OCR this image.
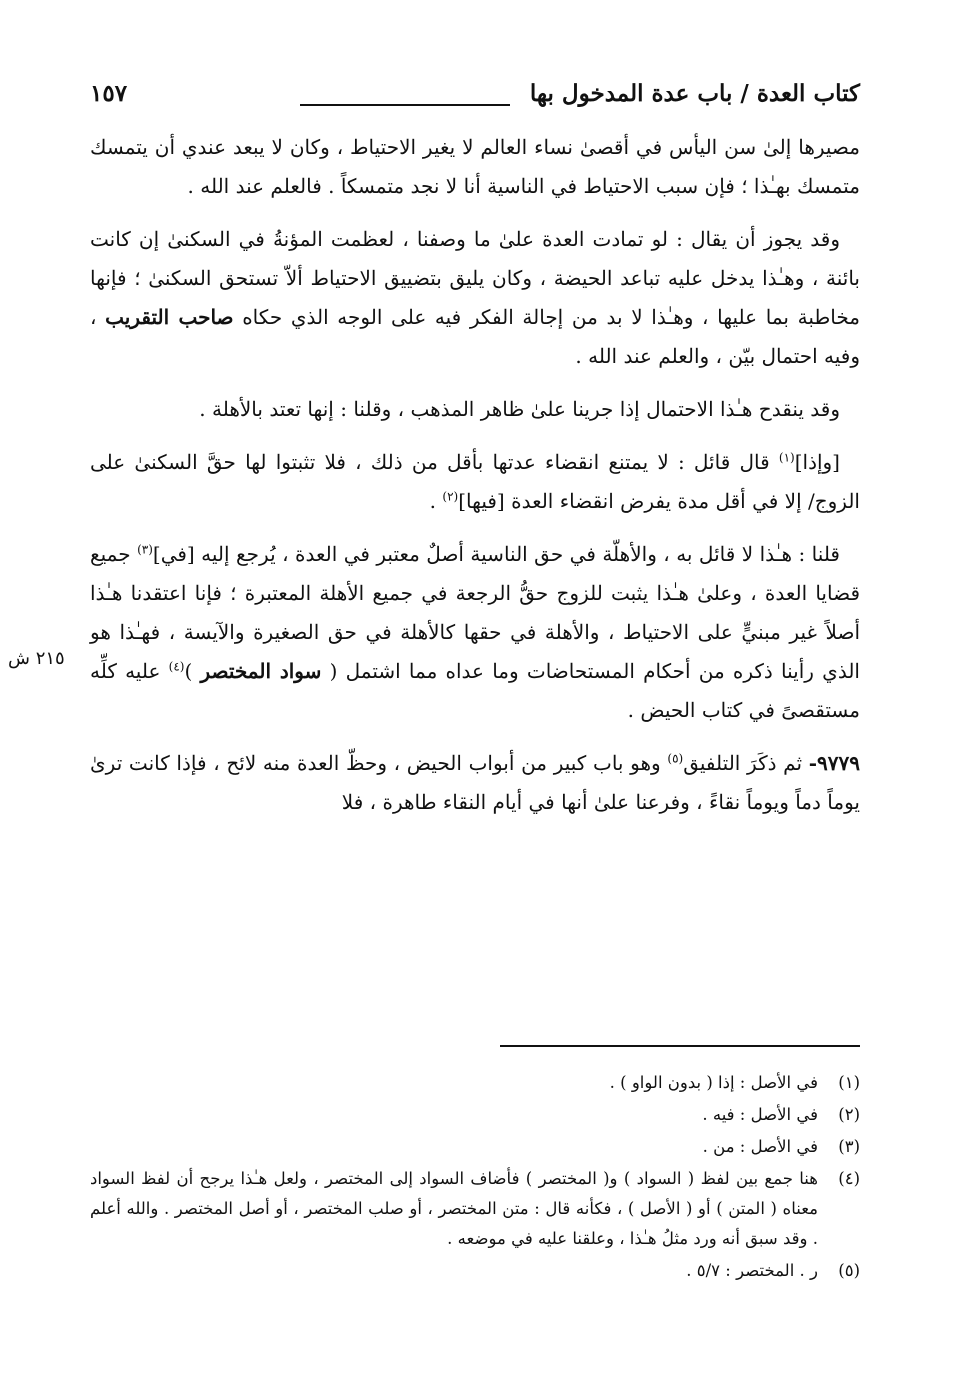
كتاب العدة / باب عدة المدخول بها
١٥٧
٢١٥ ش

مصيرها إلىٰ سن اليأس في أقصىٰ نساء العالم لا يغير الاحتياط ، وكان لا يبعد عندي أن يتمسك متمسك بهـٰذا ؛ فإن سبب الاحتياط في الناسية أنا لا نجد متمسكاً . فالعلم عند الله .

وقد يجوز أن يقال : لو تمادت العدة علىٰ ما وصفنا ، لعظمت المؤنةُ في السكنىٰ إن كانت بائنة ، وهـٰذا يدخل عليه تباعد الحيضة ، وكان يليق بتضييق الاحتياط ألاّ تستحق السكنىٰ ؛ فإنها مخاطبة بما عليها ، وهـٰذا لا بد من إجالة الفكر فيه على الوجه الذي حكاه صاحب التقريب ، وفيه احتمال بيّن ، والعلم عند الله .

وقد ينقدح هـٰذا الاحتمال إذا جرينا علىٰ ظاهر المذهب ، وقلنا : إنها تعتد بالأهلة .

[وإذا]$^{(١)}$ قال قائل : لا يمتنع انقضاء عدتها بأقل من ذلك ، فلا تثبتوا لها حقَّ السكنىٰ على الزوج/ إلا في أقل مدة يفرض انقضاء العدة [فيها]$^{(٢)}$ .

قلنا : هـٰذا لا قائل به ، والأهلّة في حق الناسية أصلٌ معتبر في العدة ، يُرجع إليه [في]$^{(٣)}$ جميع قضايا العدة ، وعلىٰ هـٰذا يثبت للزوج حقُّ الرجعة في جميع الأهلة المعتبرة ؛ فإنا اعتقدنا هـٰذا أصلاً غير مبنيٍّ على الاحتياط ، والأهلة في حقها كالأهلة في حق الصغيرة والآيسة ، فهـٰذا هو الذي رأينا ذكره من أحكام المستحاضات وما عداه مما اشتمل ( سواد المختصر )$^{(٤)}$ عليه كلِّه مستقصىً في كتاب الحيض .

٩٧٧٩- ثم ذكَرَ التلفيق$^{(٥)}$ وهو باب كبير من أبواب الحيض ، وحظّ العدة منه لائح ، فإذا كانت ترىٰ يوماً دماً ويوماً نقاءً ، وفرعنا علىٰ أنها في أيام النقاء طاهرة ، فلا

(١)
في الأصل : إذا ( بدون الواو ) .
(٢)
في الأصل : فيه .
(٣)
في الأصل : من .
(٤)
هنا جمع بين لفظ ( السواد ) و( المختصر ) فأضاف السواد إلى المختصر ، ولعل هـٰذا يرجح أن لفظ السواد معناه ( المتن ) أو ( الأصل ) ، فكأنه قال : متن المختصر ، أو صلب المختصر ، أو أصل المختصر . والله أعلم . وقد سبق أنه ورد مثلُ هـٰذا ، وعلقنا عليه في موضعه .
(٥)
ر . المختصر : ٥/٧ .
